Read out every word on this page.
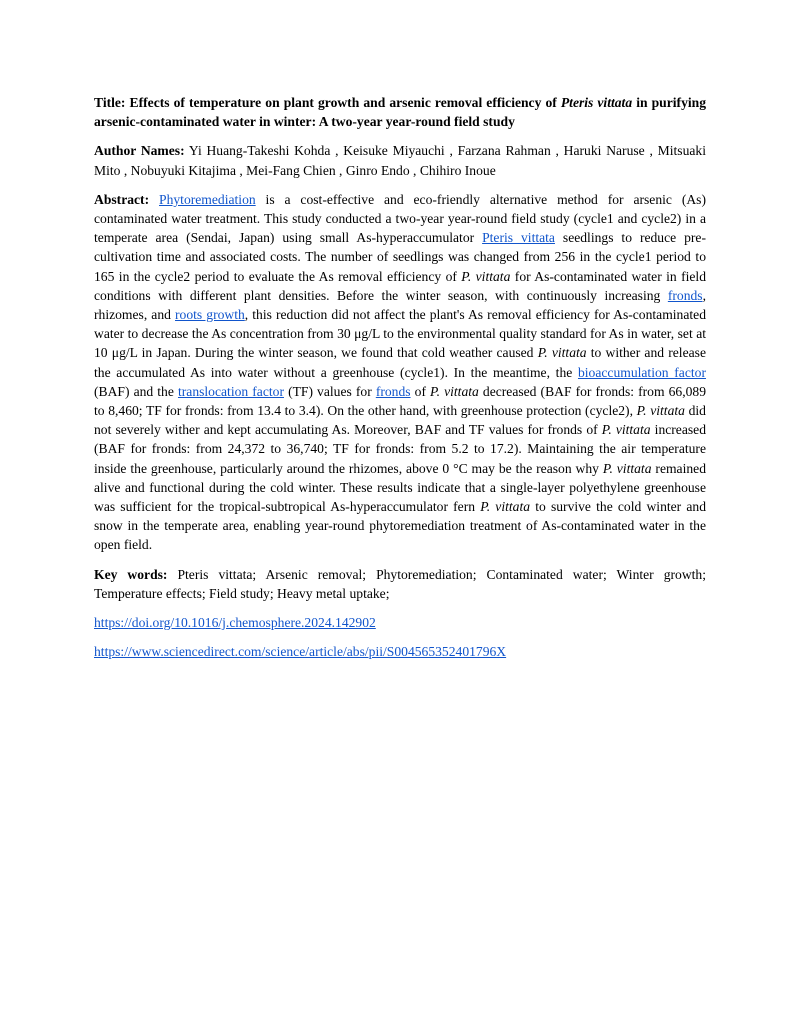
Title: Effects of temperature on plant growth and arsenic removal efficiency of Pteris vittata in purifying arsenic-contaminated water in winter: A two-year year-round field study

Author Names: Yi Huang-Takeshi Kohda , Keisuke Miyauchi , Farzana Rahman , Haruki Naruse , Mitsuaki Mito , Nobuyuki Kitajima , Mei-Fang Chien , Ginro Endo , Chihiro Inoue

Abstract: Phytoremediation is a cost-effective and eco-friendly alternative method for arsenic (As) contaminated water treatment. This study conducted a two-year year-round field study (cycle1 and cycle2) in a temperate area (Sendai, Japan) using small As-hyperaccumulator Pteris vittata seedlings to reduce pre-cultivation time and associated costs. The number of seedlings was changed from 256 in the cycle1 period to 165 in the cycle2 period to evaluate the As removal efficiency of P. vittata for As-contaminated water in field conditions with different plant densities. Before the winter season, with continuously increasing fronds, rhizomes, and roots growth, this reduction did not affect the plant's As removal efficiency for As-contaminated water to decrease the As concentration from 30 μg/L to the environmental quality standard for As in water, set at 10 μg/L in Japan. During the winter season, we found that cold weather caused P. vittata to wither and release the accumulated As into water without a greenhouse (cycle1). In the meantime, the bioaccumulation factor (BAF) and the translocation factor (TF) values for fronds of P. vittata decreased (BAF for fronds: from 66,089 to 8,460; TF for fronds: from 13.4 to 3.4). On the other hand, with greenhouse protection (cycle2), P. vittata did not severely wither and kept accumulating As. Moreover, BAF and TF values for fronds of P. vittata increased (BAF for fronds: from 24,372 to 36,740; TF for fronds: from 5.2 to 17.2). Maintaining the air temperature inside the greenhouse, particularly around the rhizomes, above 0 °C may be the reason why P. vittata remained alive and functional during the cold winter. These results indicate that a single-layer polyethylene greenhouse was sufficient for the tropical-subtropical As-hyperaccumulator fern P. vittata to survive the cold winter and snow in the temperate area, enabling year-round phytoremediation treatment of As-contaminated water in the open field.

Key words: Pteris vittata; Arsenic removal; Phytoremediation; Contaminated water; Winter growth; Temperature effects; Field study; Heavy metal uptake;

https://doi.org/10.1016/j.chemosphere.2024.142902

https://www.sciencedirect.com/science/article/abs/pii/S004565352401796X
